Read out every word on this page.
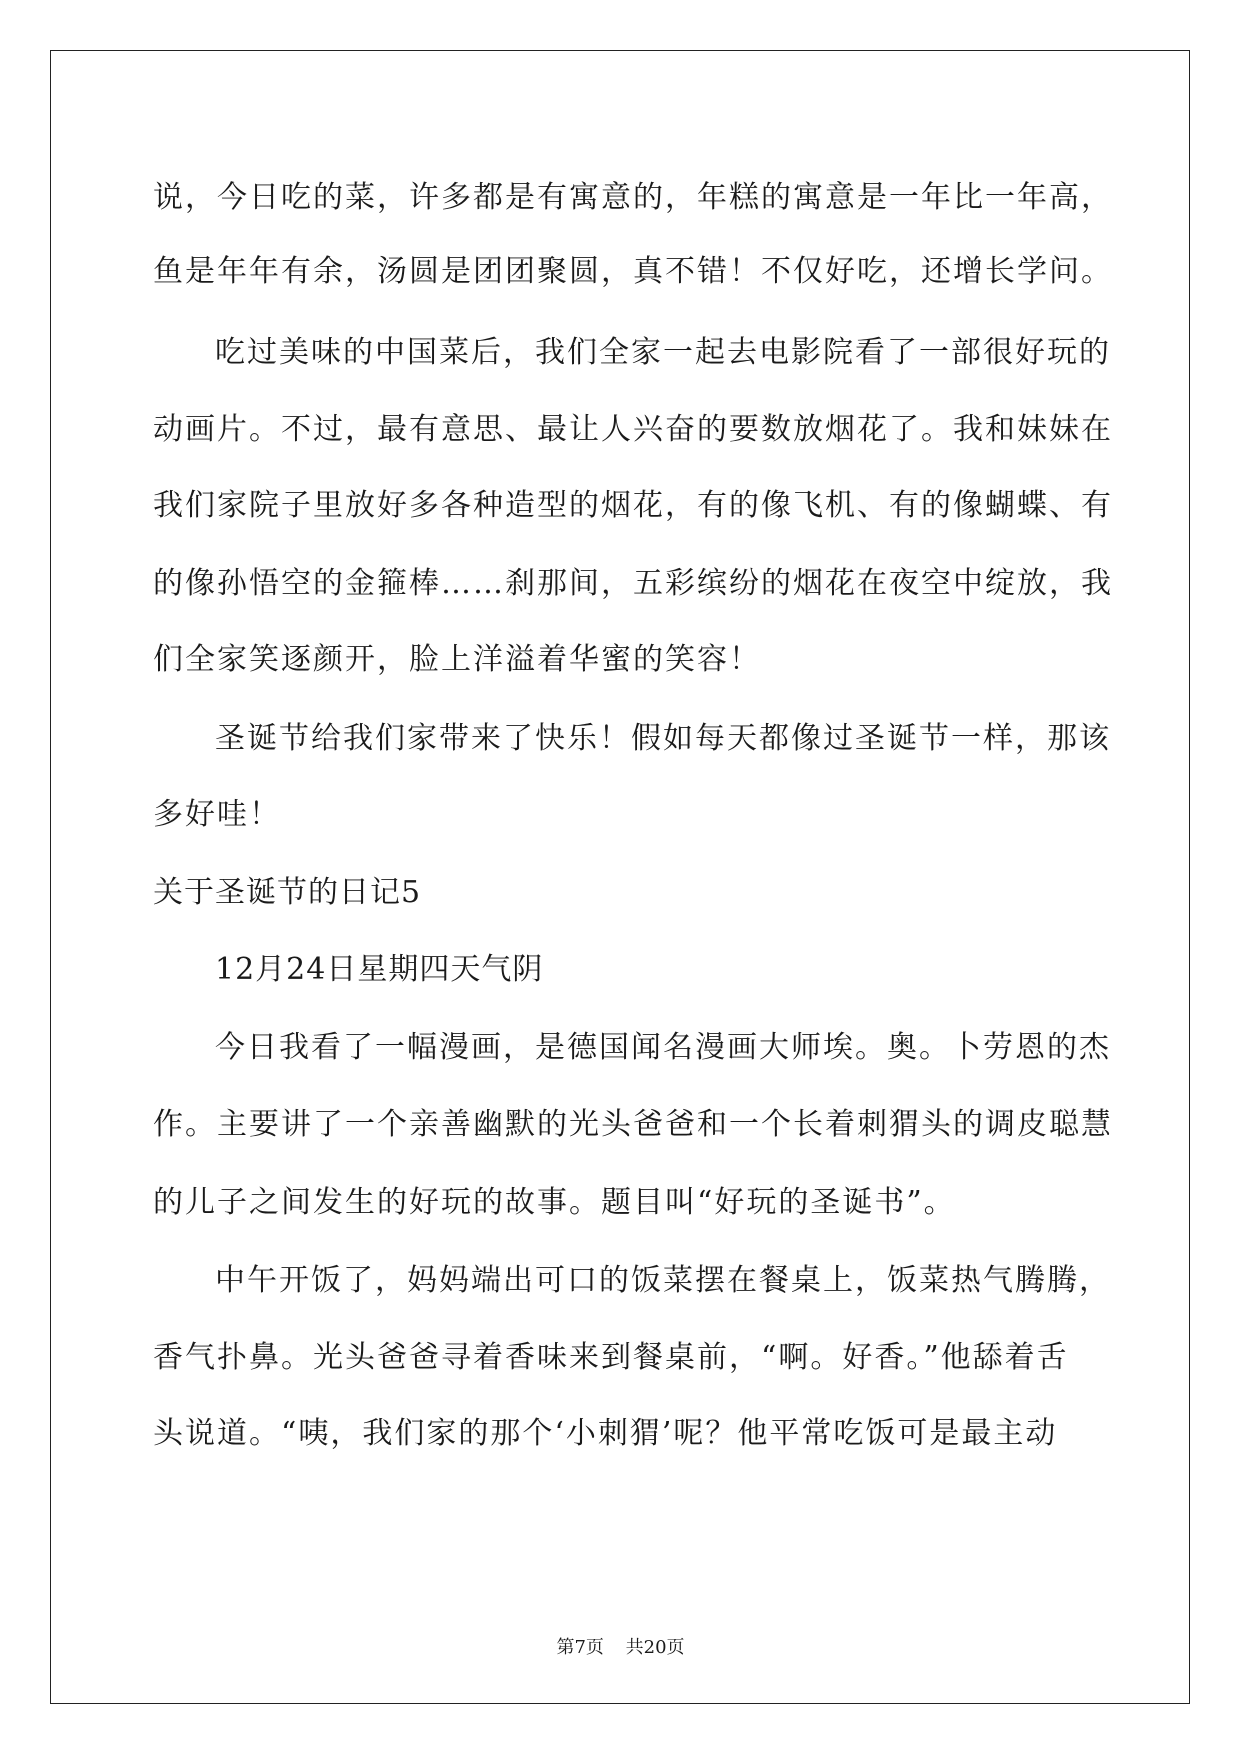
说，今日吃的菜，许多都是有寓意的，年糕的寓意是一年比一年高，
鱼是年年有余，汤圆是团团聚圆，真不错！不仅好吃，还增长学问。
吃过美味的中国菜后，我们全家一起去电影院看了一部很好玩的
动画片。不过，最有意思、最让人兴奋的要数放烟花了。我和妹妹在
我们家院子里放好多各种造型的烟花，有的像飞机、有的像蝴蝶、有
的像孙悟空的金箍棒……刹那间，五彩缤纷的烟花在夜空中绽放，我
们全家笑逐颜开，脸上洋溢着华蜜的笑容！
圣诞节给我们家带来了快乐！假如每天都像过圣诞节一样，那该
多好哇！
关于圣诞节的日记5
12月24日星期四天气阴
今日我看了一幅漫画，是德国闻名漫画大师埃。奥。卜劳恩的杰
作。主要讲了一个亲善幽默的光头爸爸和一个长着刺猬头的调皮聪慧
的儿子之间发生的好玩的故事。题目叫“好玩的圣诞书”。
中午开饭了，妈妈端出可口的饭菜摆在餐桌上，饭菜热气腾腾，
香气扑鼻。光头爸爸寻着香味来到餐桌前，“啊。好香。”他舔着舌
头说道。“咦，我们家的那个‘小刺猬’呢？他平常吃饭可是最主动
第7页 共20页
